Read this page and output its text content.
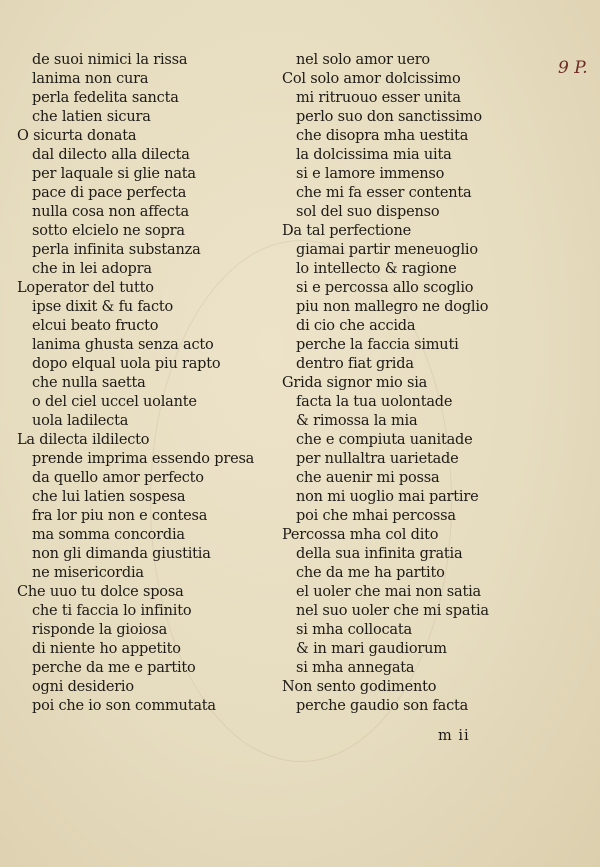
9 P.
de suoi nimici la rissa
lanima non cura
perla fedelita sancta
che latien sicura
O sicurta donata
dal dilecto alla dilecta
per laquale si glie nata
pace di pace perfecta
nulla cosa non affecta
sotto elcielo ne sopra
perla infinita substanza
che in lei adopra
Loperator del tutto
ipse dixit & fu facto
elcui beato fructo
lanima ghusta senza acto
dopo elqual uola piu rapto
che nulla saetta
o del ciel uccel uolante
uola ladilecta
La dilecta ildilecto
prende imprima essendo presa
da quello amor perfecto
che lui latien sospesa
fra lor piu non e contesa
ma somma concordia
non gli dimanda giustitia
ne misericordia
Che uuo tu dolce sposa
che ti faccia lo infinito
risponde la gioiosa
di niente ho appetito
perche da me e partito
ogni desiderio
poi che io son commutata
nel solo amor uero
Col solo amor dolcissimo
mi ritruouo esser unita
perlo suo don sanctissimo
che disopra mha uestita
la dolcissima mia uita
si e lamore immenso
che mi fa esser contenta
sol del suo dispenso
Da tal perfectione
giamai partir meneuoglio
lo intellecto & ragione
si e percossa allo scoglio
piu non mallegro ne doglio
di cio che accida
perche la faccia simuti
dentro fiat grida
Grida signor mio sia
facta la tua uolontade
& rimossa la mia
che e compiuta uanitade
per nullaltra uarietade
che auenir mi possa
non mi uoglio mai partire
poi che mhai percossa
Percossa mha col dito
della sua infinita gratia
che da me ha partito
el uoler che mai non satia
nel suo uoler che mi spatia
si mha collocata
& in mari gaudiorum
si mha annegata
Non sento godimento
perche gaudio son facta
m ii
